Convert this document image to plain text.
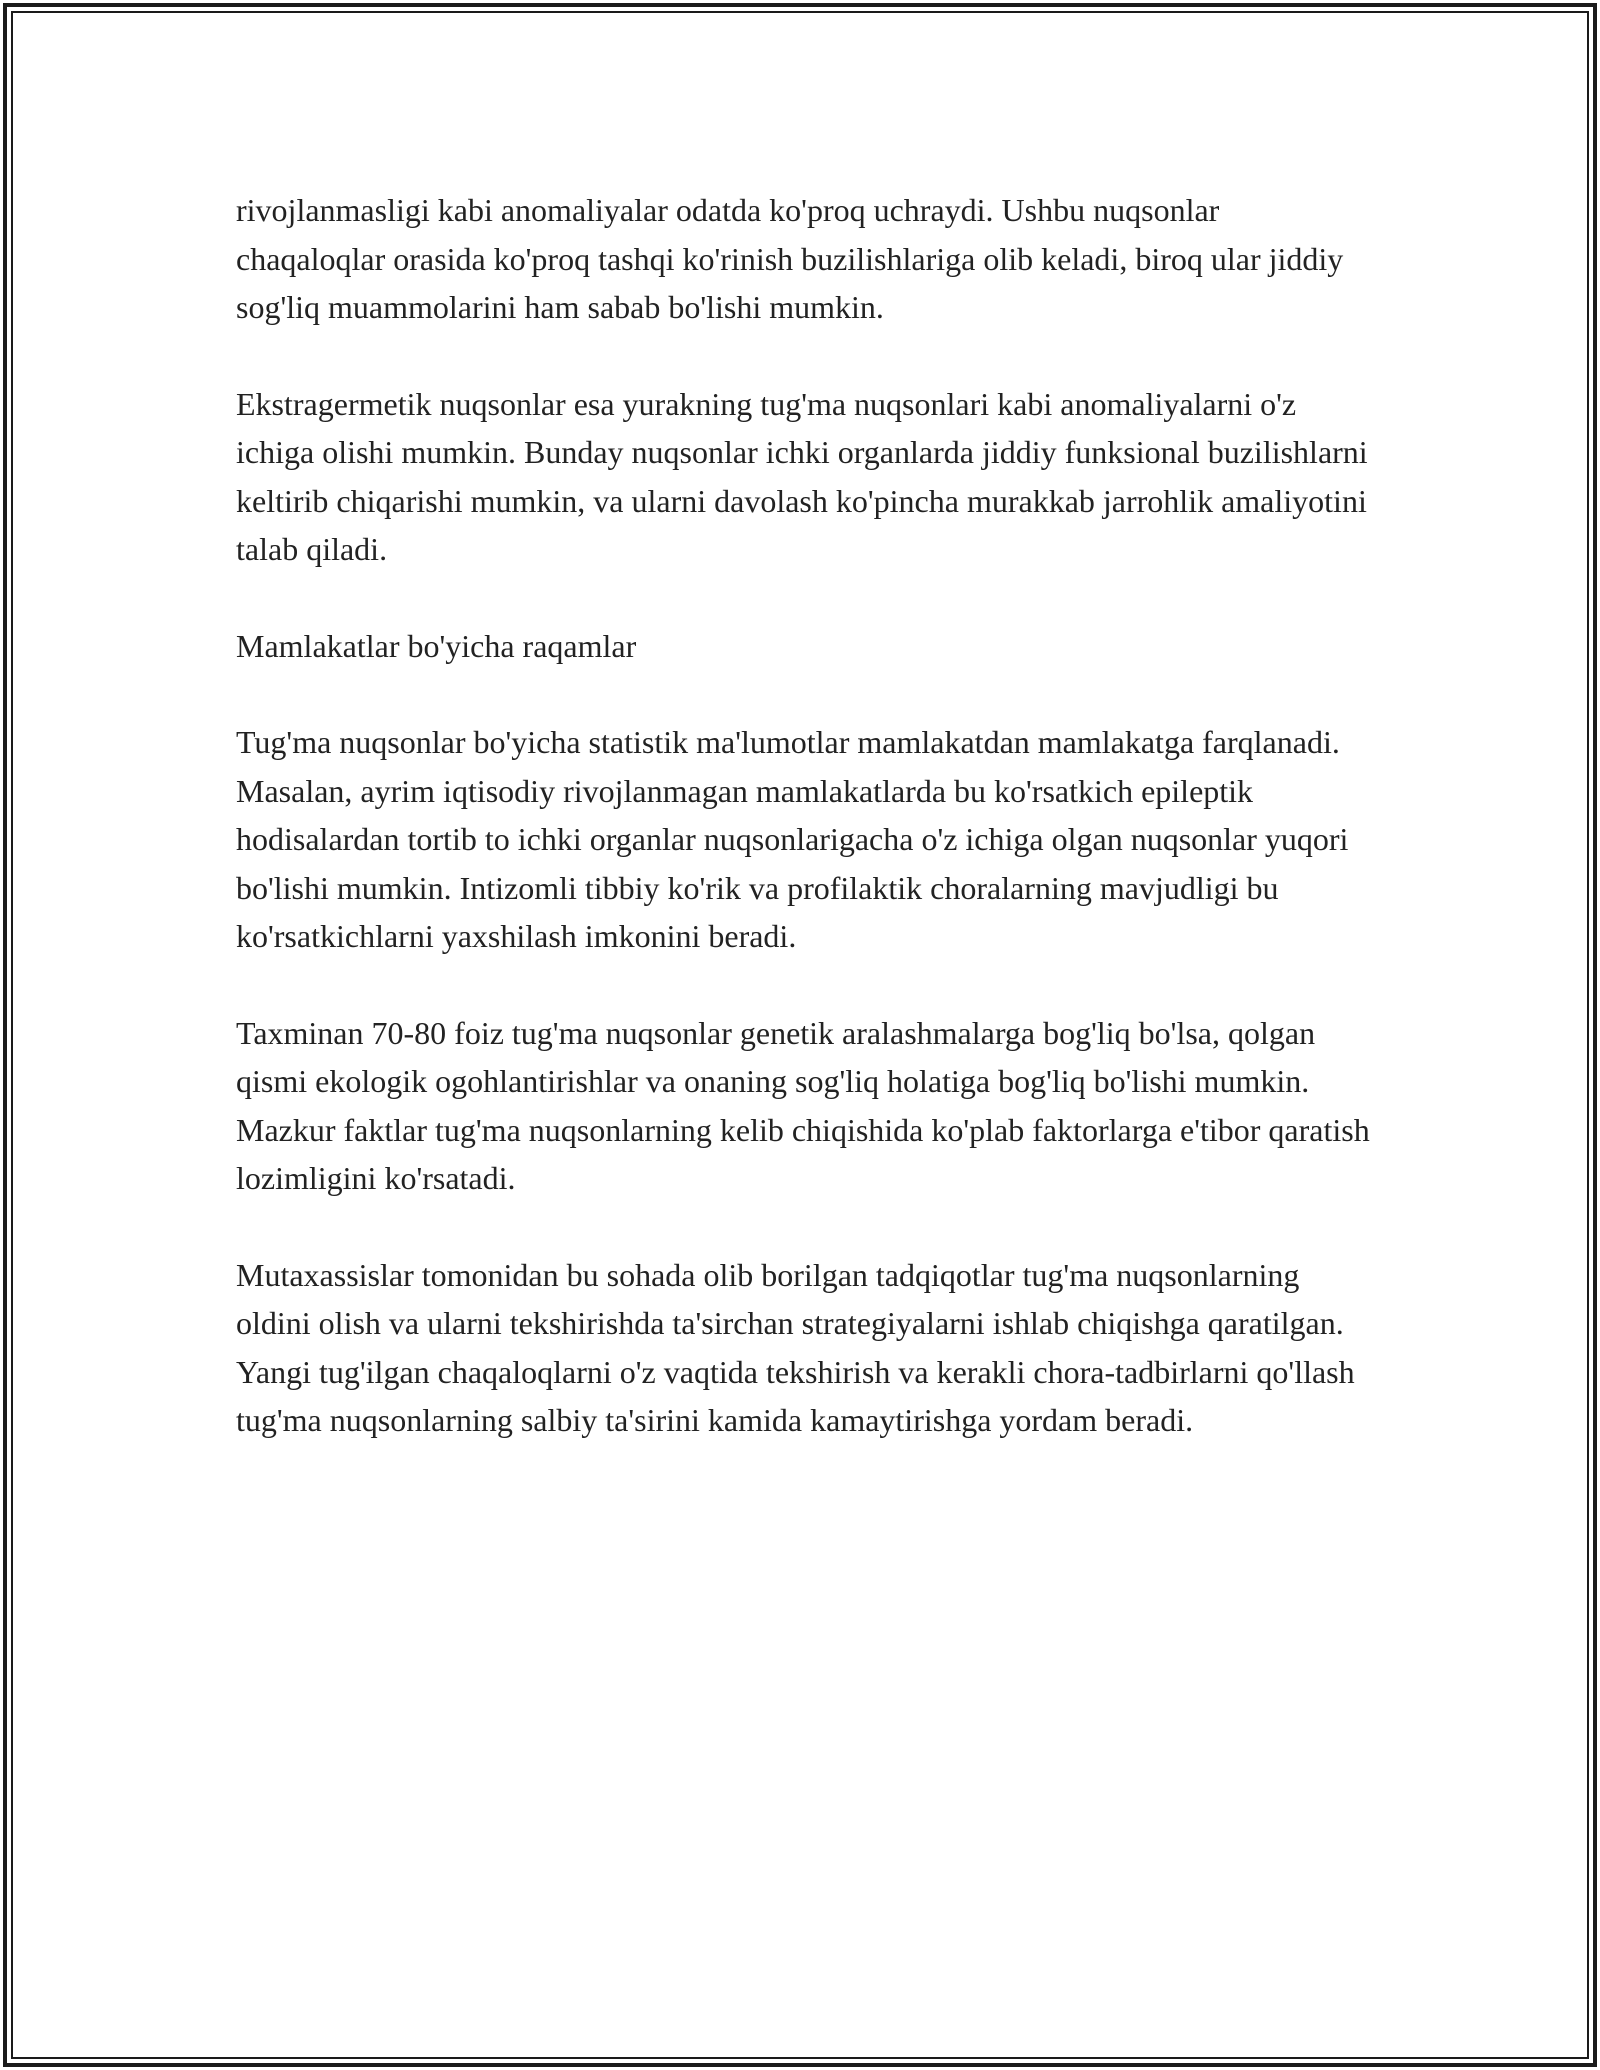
rivojlanmasligi kabi anomaliyalar odatda ko'proq uchraydi. Ushbu nuqsonlar chaqaloqlar orasida ko'proq tashqi ko'rinish buzilishlariga olib keladi, biroq ular jiddiy sog'liq muammolarini ham sabab bo'lishi mumkin.

Ekstragermetik nuqsonlar esa yurakning tug'ma nuqsonlari kabi anomaliyalarni o'z ichiga olishi mumkin. Bunday nuqsonlar ichki organlarda jiddiy funksional buzilishlarni keltirib chiqarishi mumkin, va ularni davolash ko'pincha murakkab jarrohlik amaliyotini talab qiladi.

Mamlakatlar bo'yicha raqamlar

Tug'ma nuqsonlar bo'yicha statistik ma'lumotlar mamlakatdan mamlakatga farqlanadi. Masalan, ayrim iqtisodiy rivojlanmagan mamlakatlarda bu ko'rsatkich epileptik hodisalardan tortib to ichki organlar nuqsonlarigacha o'z ichiga olgan nuqsonlar yuqori bo'lishi mumkin. Intizomli tibbiy ko'rik va profilaktik choralarning mavjudligi bu ko'rsatkichlarni yaxshilash imkonini beradi.

Taxminan 70-80 foiz tug'ma nuqsonlar genetik aralashmalarga bog'liq bo'lsa, qolgan qismi ekologik ogohlantirishlar va onaning sog'liq holatiga bog'liq bo'lishi mumkin. Mazkur faktlar tug'ma nuqsonlarning kelib chiqishida ko'plab faktorlarga e'tibor qaratish lozimligini ko'rsatadi.

Mutaxassislar tomonidan bu sohada olib borilgan tadqiqotlar tug'ma nuqsonlarning oldini olish va ularni tekshirishda ta'sirchan strategiyalarni ishlab chiqishga qaratilgan. Yangi tug'ilgan chaqaloqlarni o'z vaqtida tekshirish va kerakli chora-tadbirlarni qo'llash tug'ma nuqsonlarning salbiy ta'sirini kamida kamaytirishga yordam beradi.
